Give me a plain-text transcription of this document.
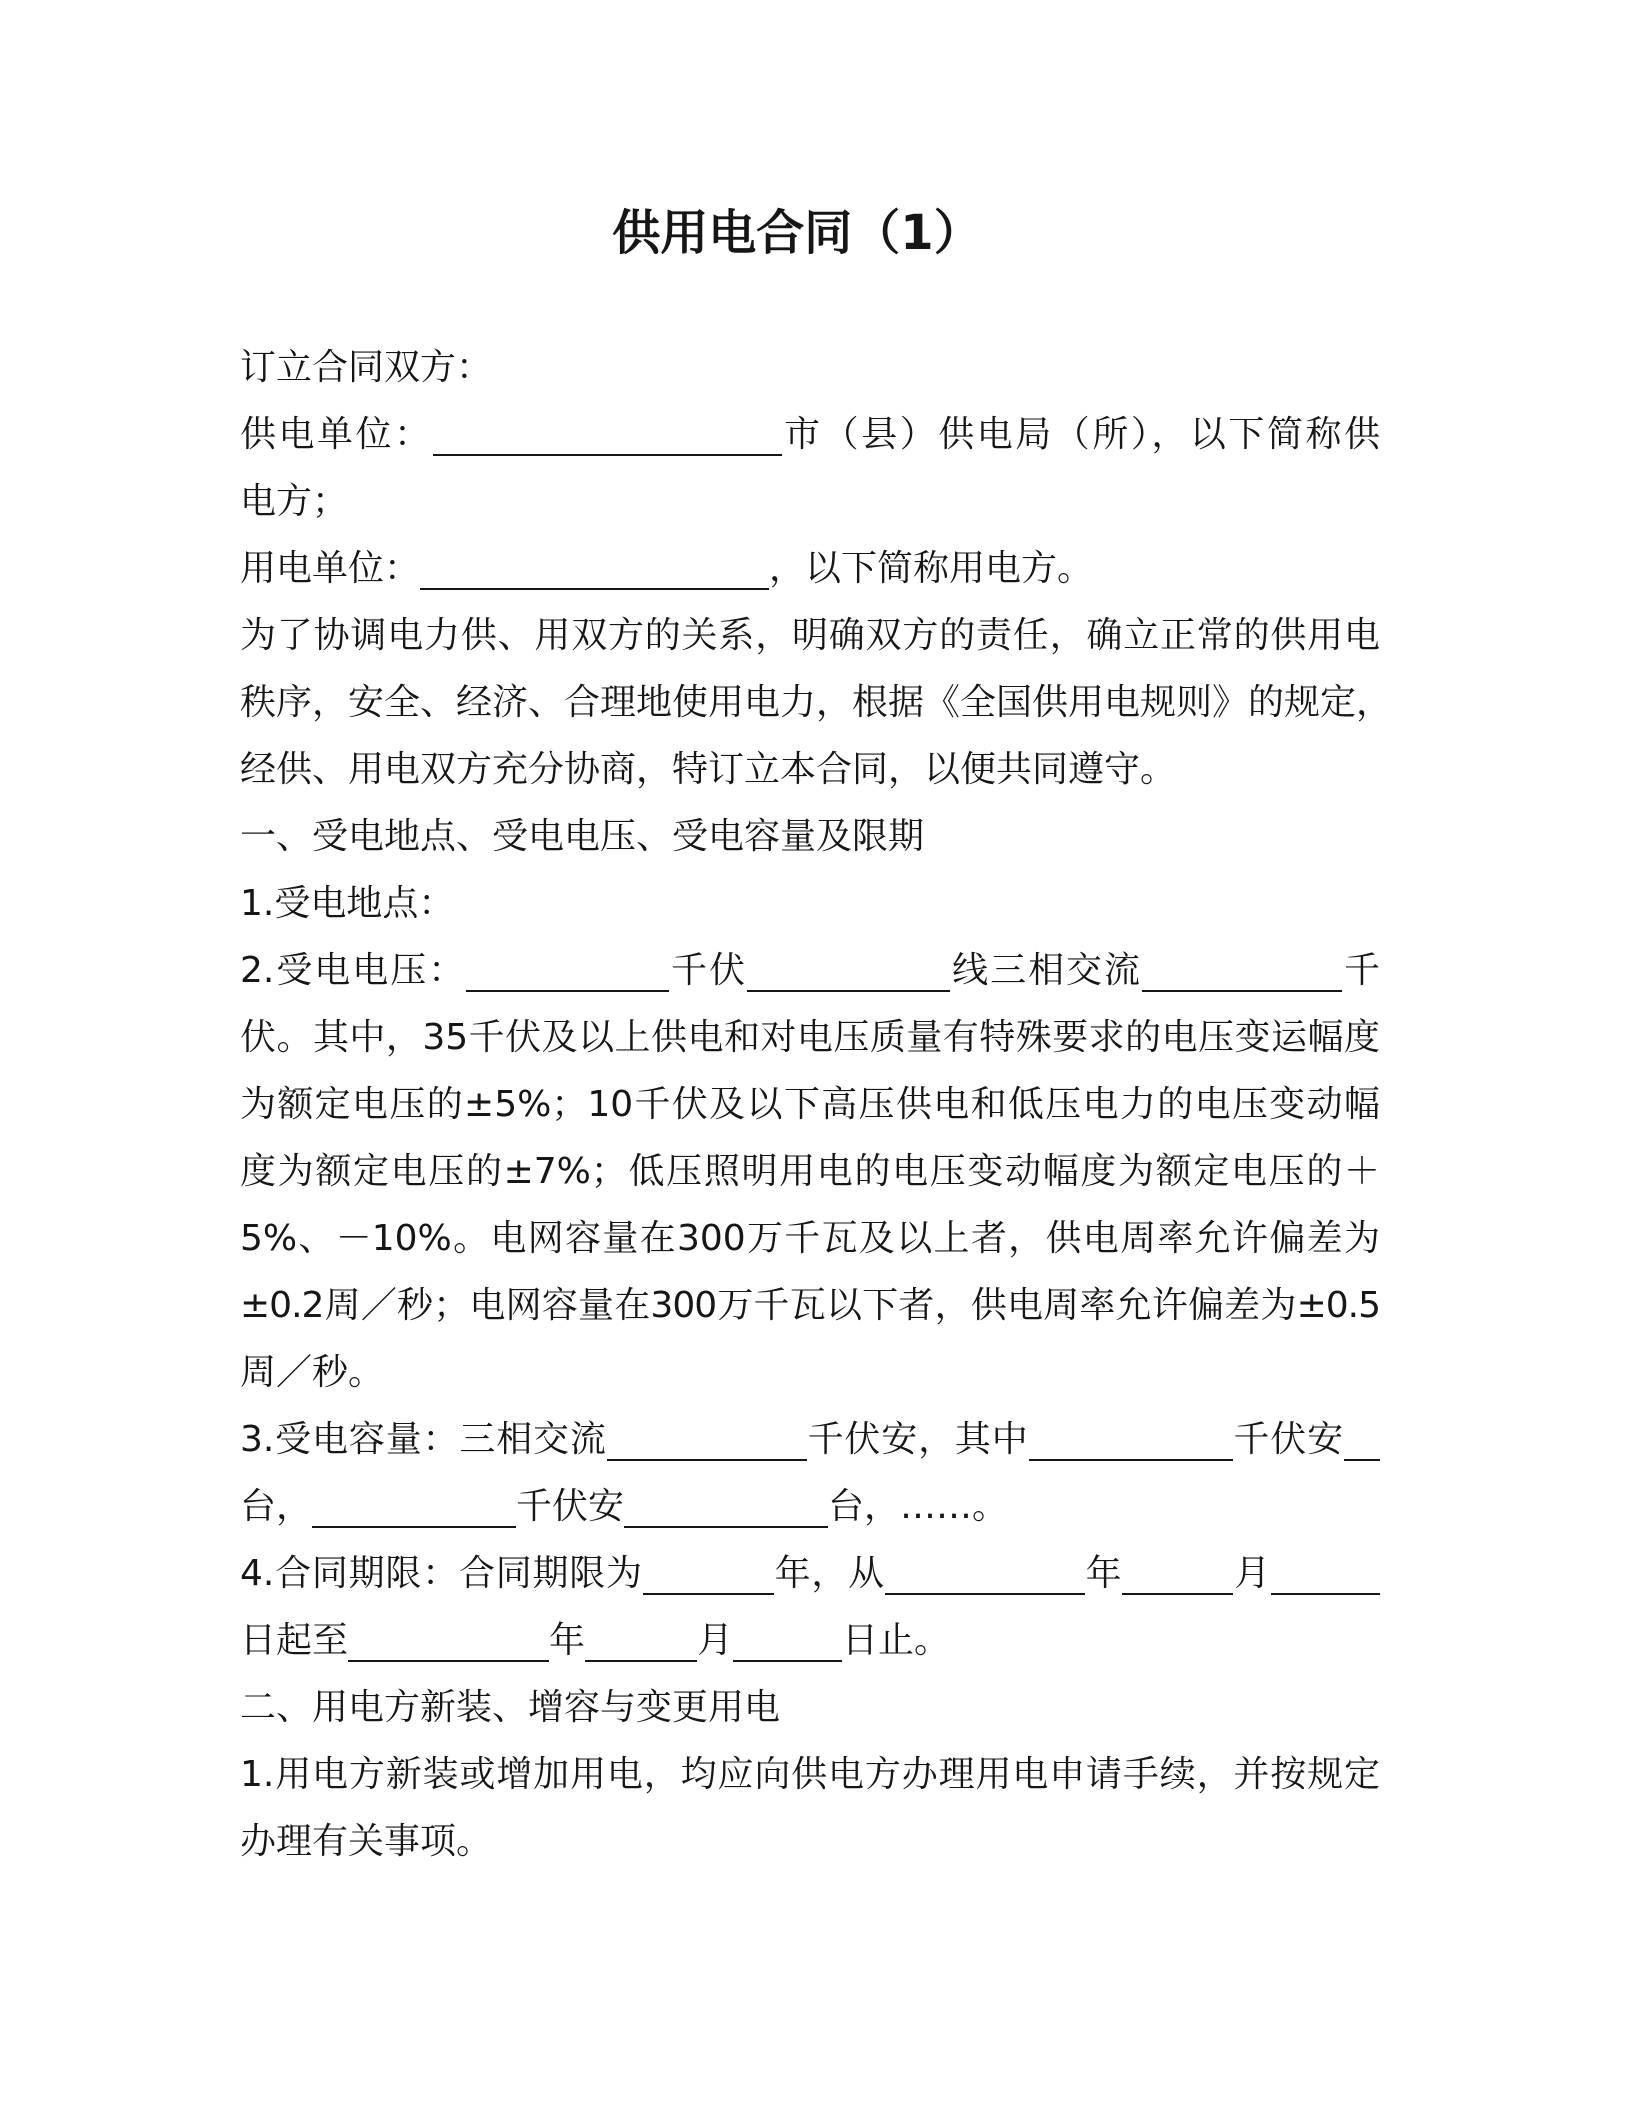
供用电合同（1）
订立合同双方：
供电单位：	市（县）供电局（所），以下简称供
电方；
用电单位：	，以下简称用电方。
为了协调电力供、用双方的关系，明确双方的责任，确立正常的供用电
秩序，安全、经济、合理地使用电力，根据《全国供用电规则》的规定，
经供、用电双方充分协商，特订立本合同，以便共同遵守。
一、受电地点、受电电压、受电容量及限期
1.受电地点：
2.受电电压：	千伏	线三相交流	千
伏。其中，35千伏及以上供电和对电压质量有特殊要求的电压变运幅度
为额定电压的±5%；10千伏及以下高压供电和低压电力的电压变动幅
度为额定电压的±7%；低压照明用电的电压变动幅度为额定电压的＋
5%、－10%。电网容量在300万千瓦及以上者，供电周率允许偏差为
±0.2周／秒；电网容量在300万千瓦以下者，供电周率允许偏差为±0.5
周／秒。
3.受电容量：三相交流	千伏安，其中	千伏安
台，	千伏安	台，……。
4.合同期限：合同期限为	年，从	年	月
日起至	年	月	日止。
二、用电方新装、增容与变更用电
1.用电方新装或增加用电，均应向供电方办理用电申请手续，并按规定
办理有关事项。
